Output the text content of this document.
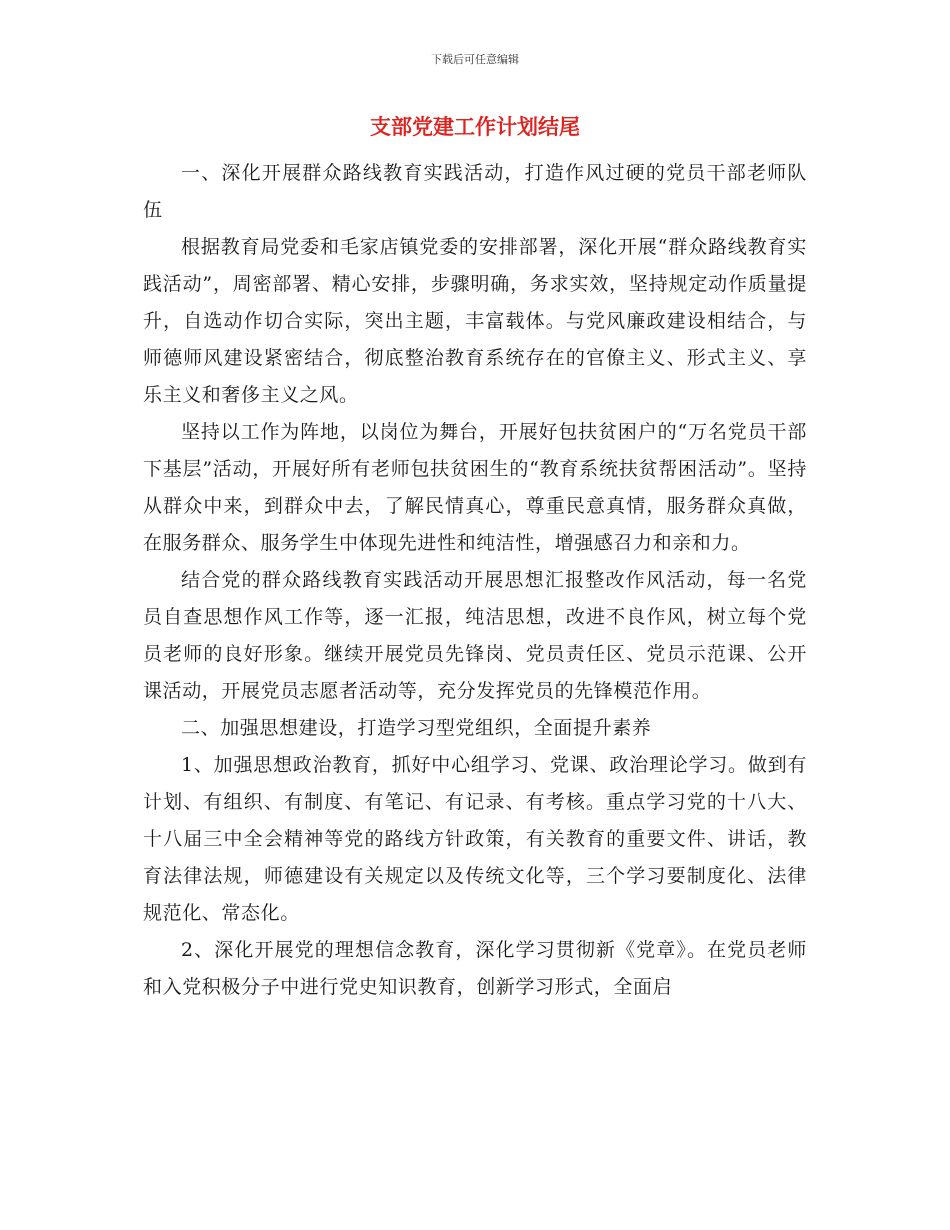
下载后可任意编辑
支部党建工作计划结尾

一、深化开展群众路线教育实践活动，打造作风过硬的党员干部老师队伍

根据教育局党委和毛家店镇党委的安排部署，深化开展“群众路线教育实践活动”，周密部署、精心安排，步骤明确，务求实效，坚持规定动作质量提升，自选动作切合实际，突出主题，丰富载体。与党风廉政建设相结合，与师德师风建设紧密结合，彻底整治教育系统存在的官僚主义、形式主义、享乐主义和奢侈主义之风。

坚持以工作为阵地，以岗位为舞台，开展好包扶贫困户的“万名党员干部下基层”活动，开展好所有老师包扶贫困生的“教育系统扶贫帮困活动”。坚持从群众中来，到群众中去，了解民情真心，尊重民意真情，服务群众真做，在服务群众、服务学生中体现先进性和纯洁性，增强感召力和亲和力。

结合党的群众路线教育实践活动开展思想汇报整改作风活动，每一名党员自查思想作风工作等，逐一汇报，纯洁思想，改进不良作风，树立每个党员老师的良好形象。继续开展党员先锋岗、党员责任区、党员示范课、公开课活动，开展党员志愿者活动等，充分发挥党员的先锋模范作用。

二、加强思想建设，打造学习型党组织，全面提升素养

1、加强思想政治教育，抓好中心组学习、党课、政治理论学习。做到有计划、有组织、有制度、有笔记、有记录、有考核。重点学习党的十八大、十八届三中全会精神等党的路线方针政策，有关教育的重要文件、讲话，教育法律法规，师德建设有关规定以及传统文化等，三个学习要制度化、法律规范化、常态化。

2、深化开展党的理想信念教育，深化学习贯彻新《党章》。在党员老师和入党积极分子中进行党史知识教育，创新学习形式，全面启
